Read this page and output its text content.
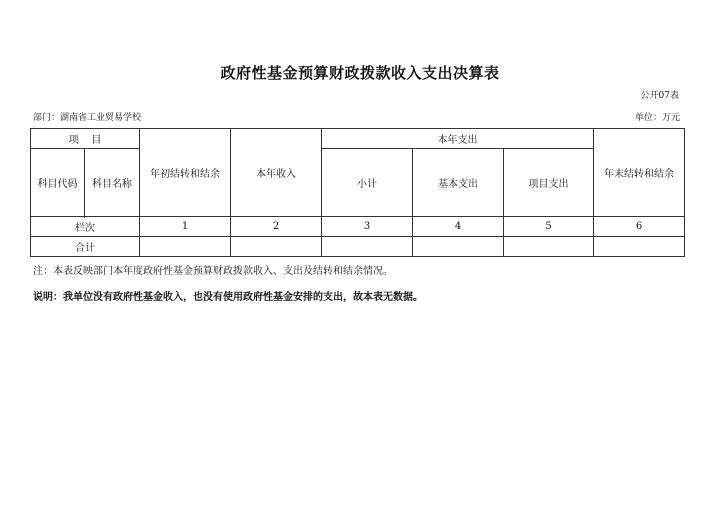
政府性基金预算财政拨款收入支出决算表
公开07表
部门：湖南省工业贸易学校	单位：万元
项    目		年初结转和结余	本年收入	本年支出			年末结转和结余
科目代码	科目名称			小计	基本支出	项目支出	

栏次		1	2	3	4	5	6
合计							
注：本表反映部门本年度政府性基金预算财政拨款收入、支出及结转和结余情况。
说明：我单位没有政府性基金收入，也没有使用政府性基金安排的支出，故本表无数据。
